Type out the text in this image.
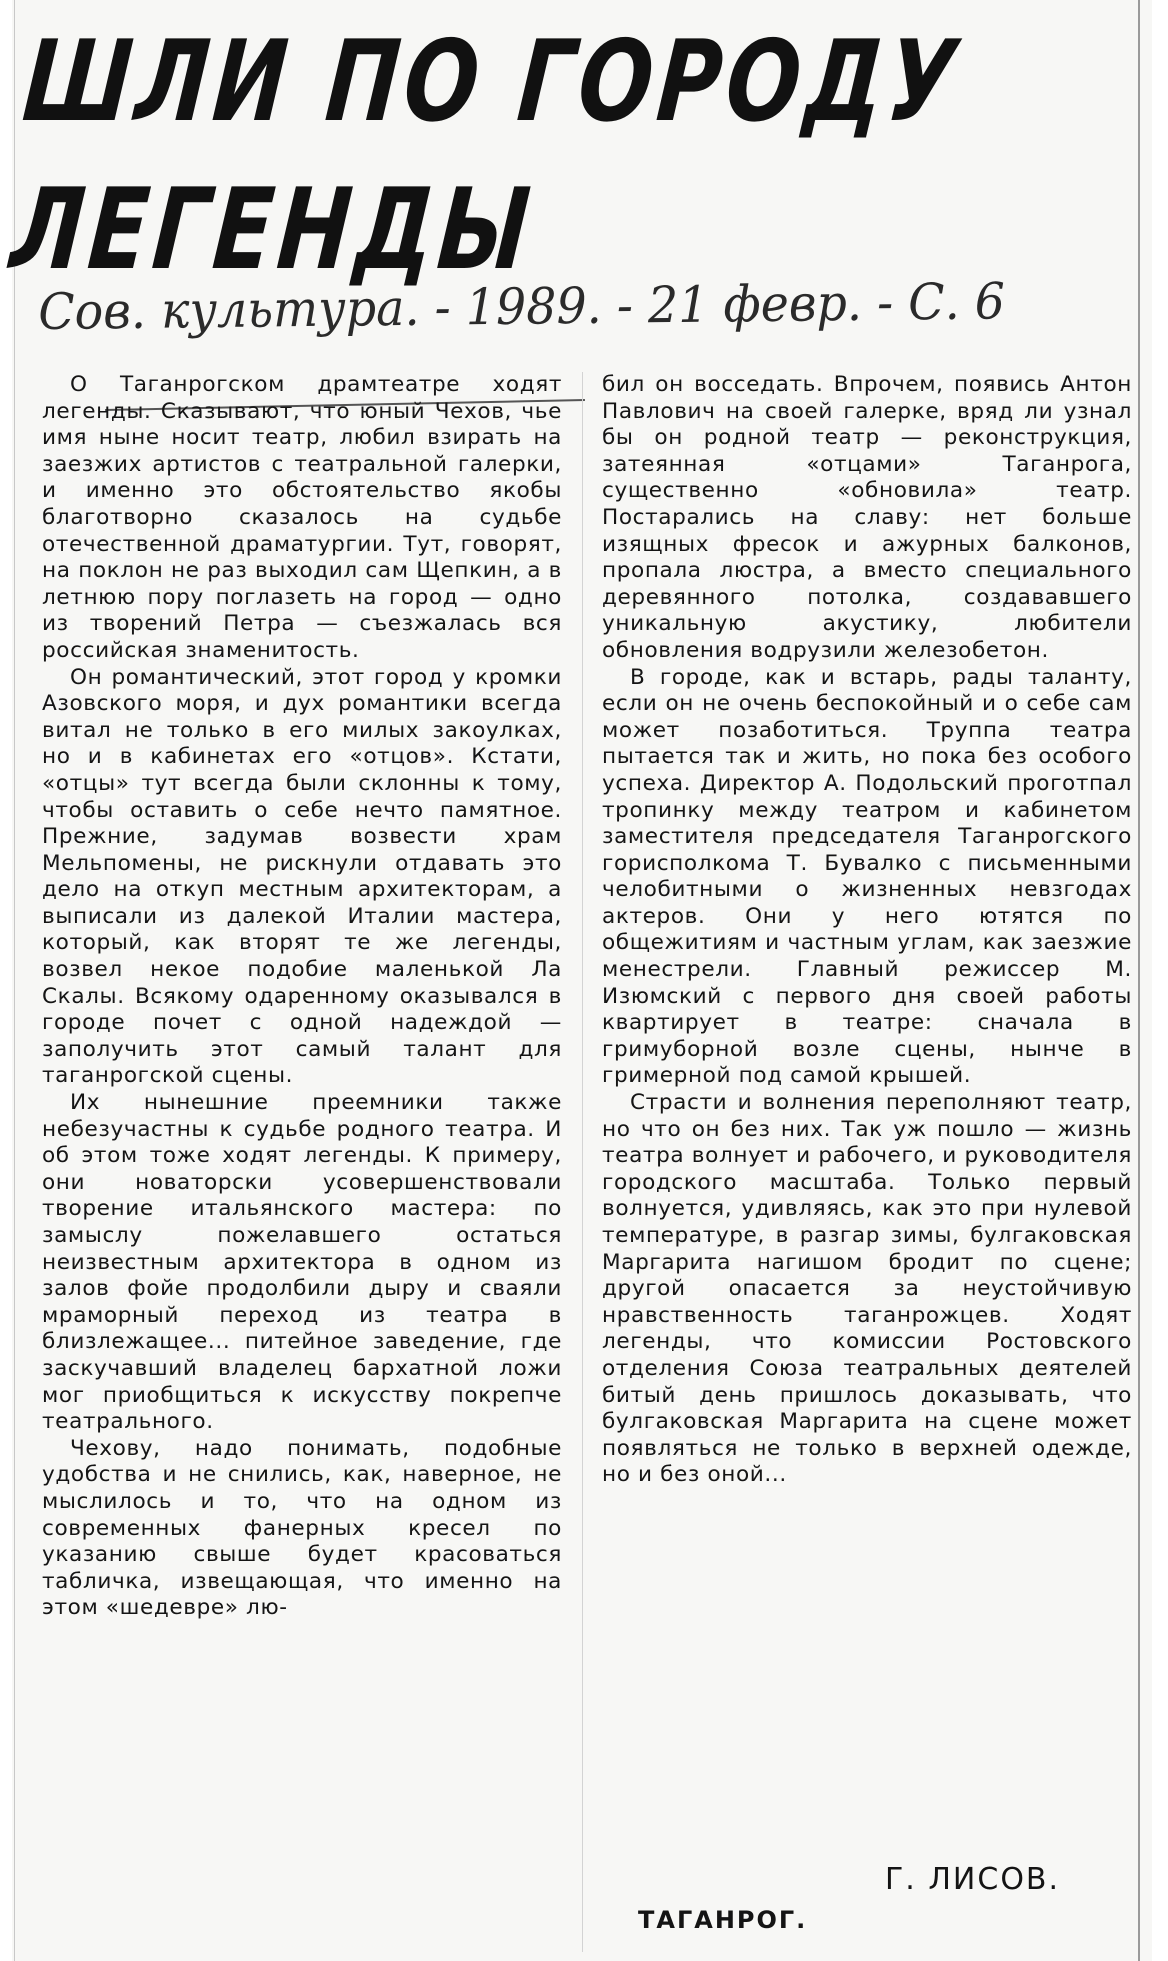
ШЛИ ПО ГОРОДУ
ЛЕГЕНДЫ
Сов. культура. - 1989. - 21 февр. - С. 6

О Таганрогском драмтеатре ходят легенды. Сказывают, что юный Чехов, чье имя ныне носит театр, любил взирать на заезжих артистов с театральной галерки, и именно это обстоятельство якобы благотворно сказалось на судьбе отечественной драматургии. Тут, говорят, на поклон не раз выходил сам Щепкин, а в летнюю пору поглазеть на город — одно из творений Петра — съезжалась вся российская знаменитость.

Он романтический, этот город у кромки Азовского моря, и дух романтики всегда витал не только в его милых закоулках, но и в кабинетах его «отцов». Кстати, «отцы» тут всегда были склонны к тому, чтобы оставить о себе нечто памятное. Прежние, задумав возвести храм Мельпомены, не рискнули отдавать это дело на откуп местным архитекторам, а выписали из далекой Италии мастера, который, как вторят те же легенды, возвел некое подобие маленькой Ла Скалы. Всякому одаренному оказывался в городе почет с одной надеждой — заполучить этот самый талант для таганрогской сцены.

Их нынешние преемники также небезучастны к судьбе родного театра. И об этом тоже ходят легенды. К примеру, они новаторски усовершенствовали творение итальянского мастера: по замыслу пожелавшего остаться неизвестным архитектора в одном из залов фойе продолбили дыру и сваяли мраморный переход из театра в близлежащее... питейное заведение, где заскучавший владелец бархатной ложи мог приобщиться к искусству покрепче театрального.

Чехову, надо понимать, подобные удобства и не снились, как, наверное, не мыслилось и то, что на одном из современных фанерных кресел по указанию свыше будет красоваться табличка, извещающая, что именно на этом «шедевре» лю-

бил он восседать. Впрочем, появись Антон Павлович на своей галерке, вряд ли узнал бы он родной театр — реконструкция, затеянная «отцами» Таганрога, существенно «обновила» театр. Постарались на славу: нет больше изящных фресок и ажурных балконов, пропала люстра, а вместо специального деревянного потолка, создававшего уникальную акустику, любители обновления водрузили железобетон.

В городе, как и встарь, рады таланту, если он не очень беспокойный и о себе сам может позаботиться. Труппа театра пытается так и жить, но пока без особого успеха. Директор А. Подольский проготпал тропинку между театром и кабинетом заместителя председателя Таганрогского горисполкома Т. Бувалко с письменными челобитными о жизненных невзгодах актеров. Они у него ютятся по общежитиям и частным углам, как заезжие менестрели. Главный режиссер М. Изюмский с первого дня своей работы квартирует в театре: сначала в гримуборной возле сцены, нынче в гримерной под самой крышей.

Страсти и волнения переполняют театр, но что он без них. Так уж пошло — жизнь театра волнует и рабочего, и руководителя городского масштаба. Только первый волнуется, удивляясь, как это при нулевой температуре, в разгар зимы, булгаковская Маргарита нагишом бродит по сцене; другой опасается за неустойчивую нравственность таганрожцев. Ходят легенды, что комиссии Ростовского отделения Союза театральных деятелей битый день пришлось доказывать, что булгаковская Маргарита на сцене может появляться не только в верхней одежде, но и без оной...

Г. ЛИСОВ.
ТАГАНРОГ.
